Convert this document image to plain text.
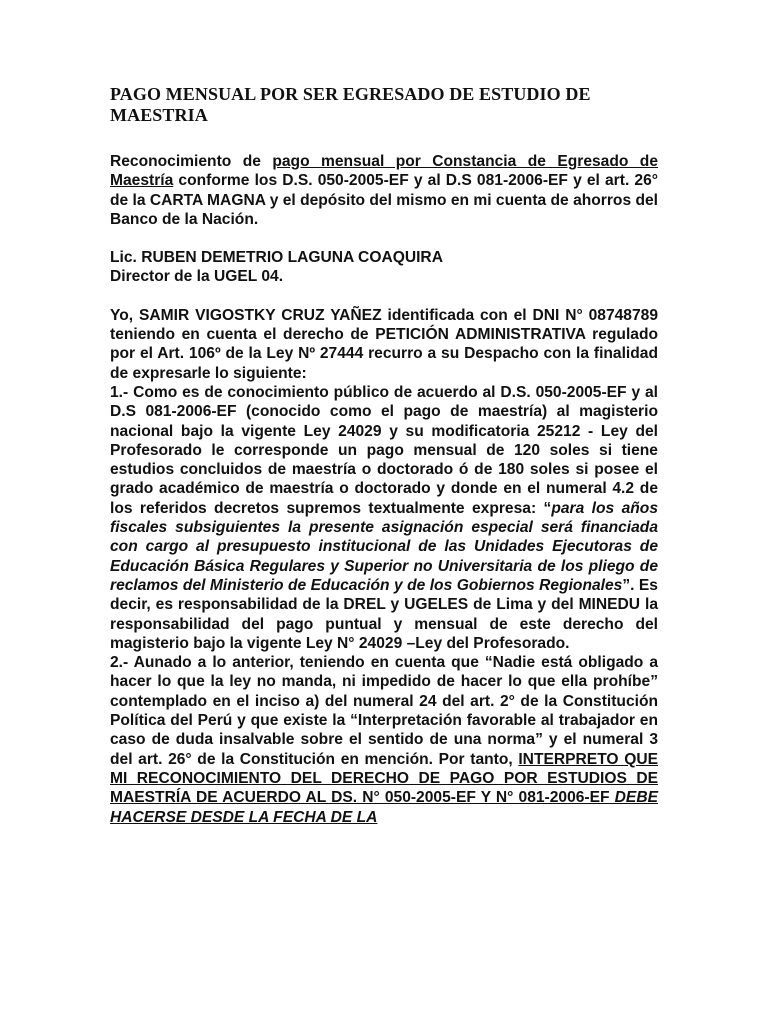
PAGO MENSUAL POR SER EGRESADO DE ESTUDIO DE MAESTRIA

Reconocimiento de pago mensual por Constancia de Egresado de Maestría conforme los D.S. 050-2005-EF y al D.S 081-2006-EF y el art. 26° de la CARTA MAGNA y el depósito del mismo en mi cuenta de ahorros del Banco de la Nación.

Lic. RUBEN DEMETRIO LAGUNA COAQUIRA

Director de la UGEL 04.

Yo, SAMIR VIGOSTKY CRUZ YAÑEZ identificada con el DNI N° 08748789 teniendo en cuenta el derecho de PETICIÓN ADMINISTRATIVA regulado por el Art. 106º de la Ley Nº 27444 recurro a su Despacho con la finalidad de expresarle lo siguiente:

1.- Como es de conocimiento público de acuerdo al D.S. 050-2005-EF y al D.S 081-2006-EF (conocido como el pago de maestría) al magisterio nacional bajo la vigente Ley 24029 y su modificatoria 25212 - Ley del Profesorado le corresponde un pago mensual de 120 soles si tiene estudios concluidos de maestría o doctorado ó de 180 soles si posee el grado académico de maestría o doctorado y donde en el numeral 4.2 de los referidos decretos supremos textualmente expresa: “para los años fiscales subsiguientes la presente asignación especial será financiada con cargo al presupuesto institucional de las Unidades Ejecutoras de Educación Básica Regulares y Superior no Universitaria de los pliego de reclamos del Ministerio de Educación y de los Gobiernos Regionales”. Es decir, es responsabilidad de la DREL y UGELES de Lima y del MINEDU la responsabilidad del pago puntual y mensual de este derecho del magisterio bajo la vigente Ley N° 24029 –Ley del Profesorado.

2.- Aunado a lo anterior, teniendo en cuenta que “Nadie está obligado a hacer lo que la ley no manda, ni impedido de hacer lo que ella prohíbe” contemplado en el inciso a) del numeral 24 del art. 2° de la Constitución Política del Perú y que existe la “Interpretación favorable al trabajador en caso de duda insalvable sobre el sentido de una norma” y el numeral 3 del art. 26° de la Constitución en mención. Por tanto, INTERPRETO QUE MI RECONOCIMIENTO DEL DERECHO DE PAGO POR ESTUDIOS DE MAESTRÍA DE ACUERDO AL DS. N° 050-2005-EF Y N° 081-2006-EF DEBE HACERSE DESDE LA FECHA DE LA
